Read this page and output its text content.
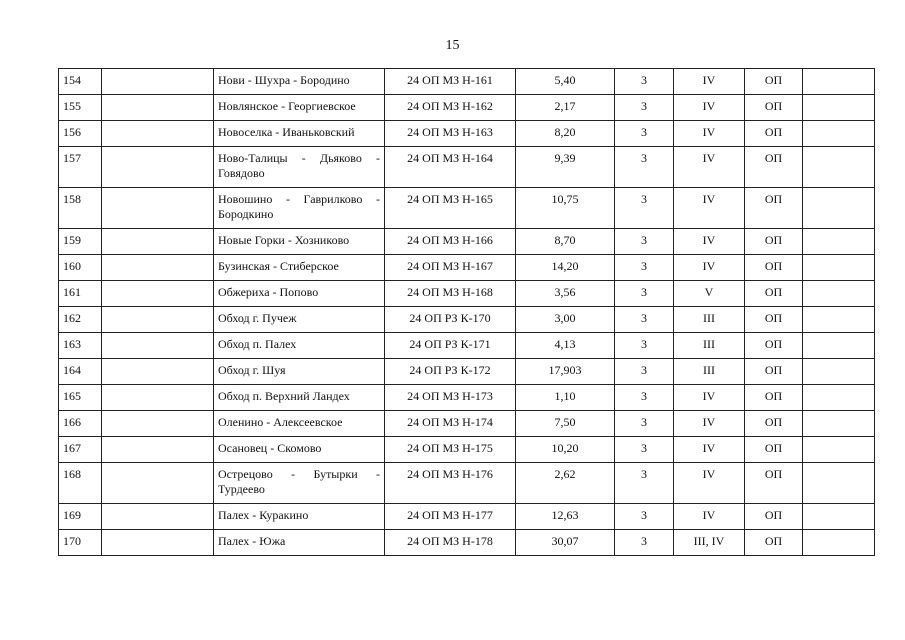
15
154		Нови - Шухра - Бородино	24 ОП МЗ Н-161	5,40	3	IV	ОП	
155		Новлянское - Георгиевское	24 ОП МЗ Н-162	2,17	3	IV	ОП	
156		Новоселка - Иваньковский	24 ОП МЗ Н-163	8,20	3	IV	ОП	
157		Ново-Талицы - Дьяково - Говядово	24 ОП МЗ Н-164	9,39	3	IV	ОП	
158		Новошино - Гаврилково - Бородкино	24 ОП МЗ Н-165	10,75	3	IV	ОП	
159		Новые Горки - Хозниково	24 ОП МЗ Н-166	8,70	3	IV	ОП	
160		Бузинская - Стиберское	24 ОП МЗ Н-167	14,20	3	IV	ОП	
161		Обжериха - Попово	24 ОП МЗ Н-168	3,56	3	V	ОП	
162		Обход г. Пучеж	24 ОП РЗ К-170	3,00	3	III	ОП	
163		Обход п. Палех	24 ОП РЗ К-171	4,13	3	III	ОП	
164		Обход г. Шуя	24 ОП РЗ К-172	17,903	3	III	ОП	
165		Обход п. Верхний Ландех	24 ОП МЗ Н-173	1,10	3	IV	ОП	
166		Оленино - Алексеевское	24 ОП МЗ Н-174	7,50	3	IV	ОП	
167		Осановец - Скомово	24 ОП МЗ Н-175	10,20	3	IV	ОП	
168		Острецово - Бутырки - Турдеево	24 ОП МЗ Н-176	2,62	3	IV	ОП	
169		Палех - Куракино	24 ОП МЗ Н-177	12,63	3	IV	ОП	
170		Палех - Южа	24 ОП МЗ Н-178	30,07	3	III, IV	ОП	
